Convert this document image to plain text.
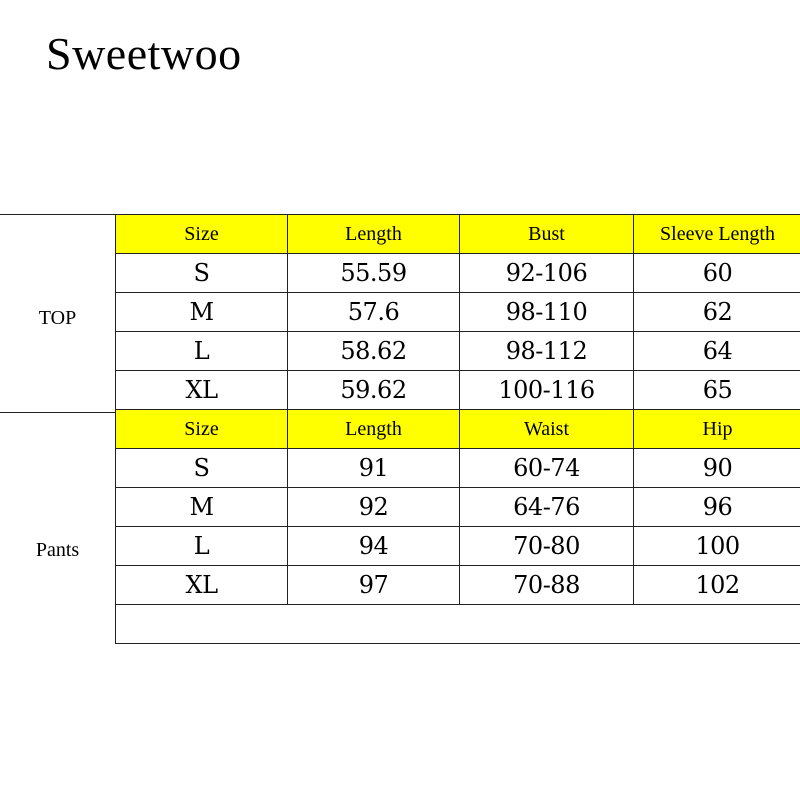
Sweetwoo
TOP
Pants
Size	Length	Bust	Sleeve Length
S	55.59	92-106	60
M	57.6	98-110	62
L	58.62	98-112	64
XL	59.62	100-116	65
Size	Length	Waist	Hip
S	91	60-74	90
M	92	64-76	96
L	94	70-80	100
XL	97	70-88	102
